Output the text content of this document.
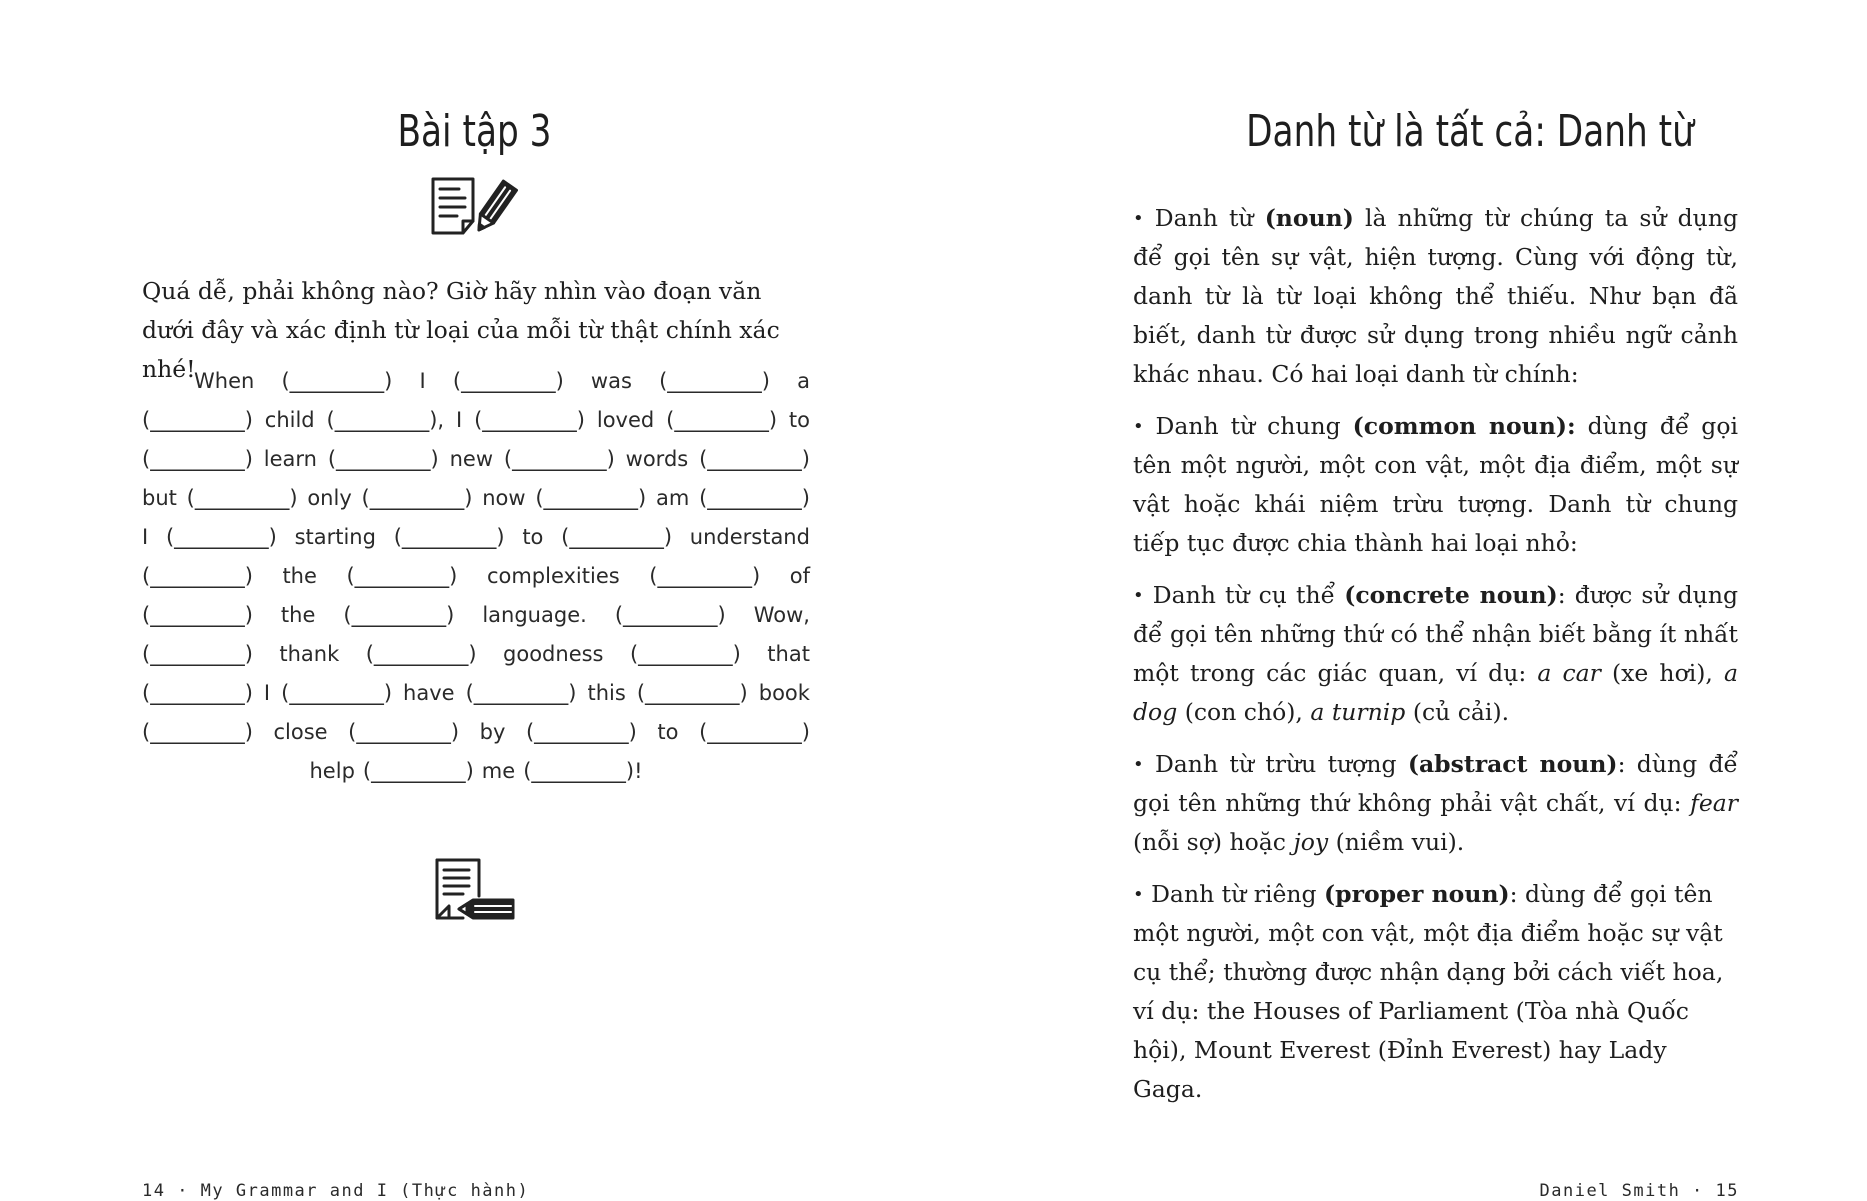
Bài tập 3

Quá dễ, phải không nào? Giờ hãy nhìn vào đoạn văn dưới đây và xác định từ loại của mỗi từ thật chính xác nhé!

When (_________) I (_________) was (_________) a
(_________) child (_________), I (_________) loved (_________) to
(_________) learn (_________) new (_________) words (_________)
but (_________) only (_________) now (_________) am (_________)
I (_________) starting (_________) to (_________) understand
(_________) the (_________) complexities (_________) of
(_________) the (_________) language. (_________) Wow,
(_________) thank (_________) goodness (_________) that
(_________) I (_________) have (_________) this (_________) book
(_________) close (_________) by (_________) to (_________)
help (_________) me (_________)!

14 · My Grammar and I (Thực hành)

Danh từ là tất cả: Danh từ

• Danh từ (noun) là những từ chúng ta sử dụng để gọi tên sự vật, hiện tượng. Cùng với động từ, danh từ là từ loại không thể thiếu. Như bạn đã biết, danh từ được sử dụng trong nhiều ngữ cảnh khác nhau. Có hai loại danh từ chính:

• Danh từ chung (common noun): dùng để gọi tên một người, một con vật, một địa điểm, một sự vật hoặc khái niệm trừu tượng. Danh từ chung tiếp tục được chia thành hai loại nhỏ:

• Danh từ cụ thể (concrete noun): được sử dụng để gọi tên những thứ có thể nhận biết bằng ít nhất một trong các giác quan, ví dụ: a car (xe hơi), a dog (con chó), a turnip (củ cải).

• Danh từ trừu tượng (abstract noun): dùng để gọi tên những thứ không phải vật chất, ví dụ: fear (nỗi sợ) hoặc joy (niềm vui).

• Danh từ riêng (proper noun): dùng để gọi tên một người, một con vật, một địa điểm hoặc sự vật cụ thể; thường được nhận dạng bởi cách viết hoa, ví dụ: the Houses of Parliament (Tòa nhà Quốc hội), Mount Everest (Đỉnh Everest) hay Lady Gaga.

Daniel Smith · 15
